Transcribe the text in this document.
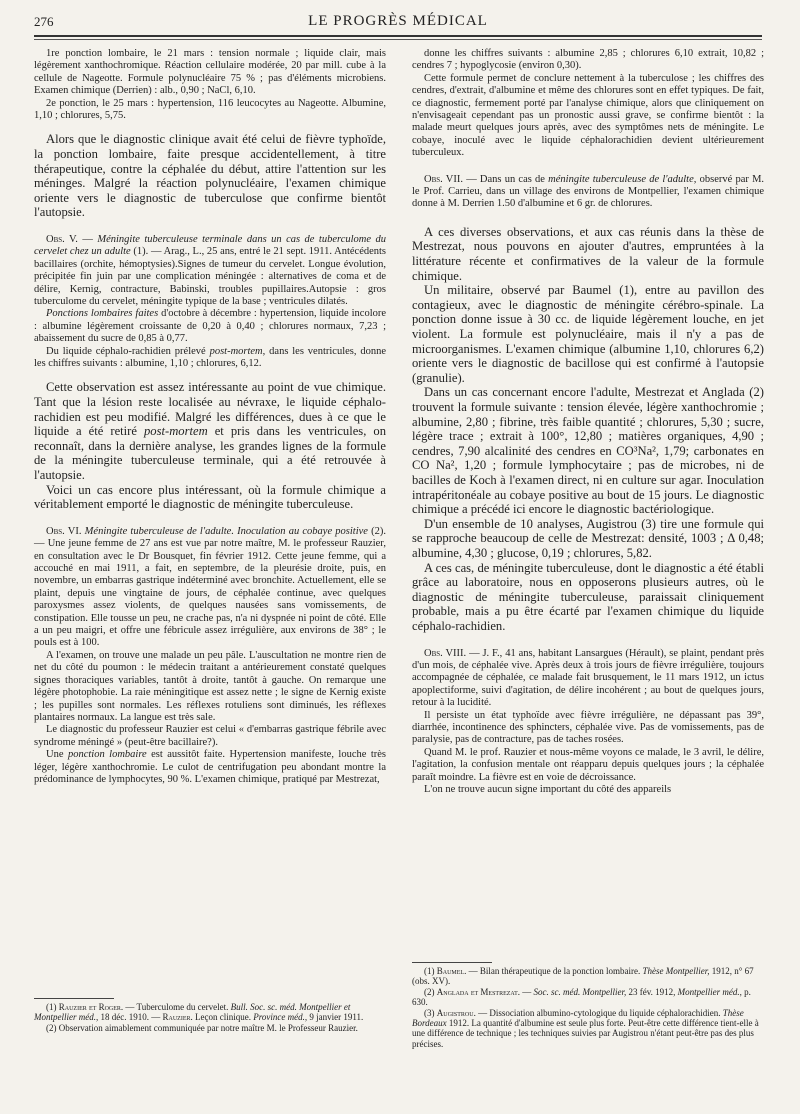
276	LE PROGRÈS MÉDICAL

1re ponction lombaire, le 21 mars : tension normale ; liquide clair, mais légèrement xanthochromique. Réaction cellulaire modérée, 20 par mill. cube à la cellule de Nageotte. Formule polynucléaire 75 % ; pas d'éléments microbiens. Examen chimique (Derrien) : alb., 0,90 ; NaCl, 6,10.

2e ponction, le 25 mars : hypertension, 116 leucocytes au Nageotte. Albumine, 1,10 ; chlorures, 5,75.

Alors que le diagnostic clinique avait été celui de fièvre typhoïde, la ponction lombaire, faite presque accidentellement, à titre thérapeutique, contre la céphalée du début, attire l'attention sur les méninges. Malgré la réaction polynucléaire, l'examen chimique oriente vers le diagnostic de tuberculose que confirme bientôt l'autopsie.

Obs. V. — Méningite tuberculeuse terminale dans un cas de tuberculome du cervelet chez un adulte (1). — Arag., L., 25 ans, entré le 21 sept. 1911. Antécédents bacillaires (orchite, hémoptysies).Signes de tumeur du cervelet. Longue évolution, précipitée fin juin par une complication méningée : alternatives de coma et de délire, Kernig, contracture, Babinski, troubles pupillaires.Autopsie : gros tuberculome du cervelet, méningite typique de la base ; ventricules dilatés.

Ponctions lombaires faites d'octobre à décembre : hypertension, liquide incolore : albumine légèrement croissante de 0,20 à 0,40 ; chlorures normaux, 7,23 ; abaissement du sucre de 0,85 à 0,77.

Du liquide céphalo-rachidien prélevé post-mortem, dans les ventricules, donne les chiffres suivants : albumine, 1,10 ; chlorures, 6,12.

Cette observation est assez intéressante au point de vue chimique. Tant que la lésion reste localisée au névraxe, le liquide céphalo-rachidien est peu modifié. Malgré les différences, dues à ce que le liquide a été retiré post-mortem et pris dans les ventricules, on reconnaît, dans la dernière analyse, les grandes lignes de la formule de la méningite tuberculeuse terminale, qui a été retrouvée à l'autopsie.

Voici un cas encore plus intéressant, où la formule chimique a véritablement emporté le diagnostic de méningite tuberculeuse.

Obs. VI. Méningite tuberculeuse de l'adulte. Inoculation au cobaye positive (2). — Une jeune femme de 27 ans est vue par notre maître, M. le professeur Rauzier, en consultation avec le Dr Bousquet, fin février 1912. Cette jeune femme, qui a accouché en mai 1911, a fait, en septembre, de la pleurésie droite, puis, en novembre, un embarras gastrique indéterminé avec bronchite. Actuellement, elle se plaint, depuis une vingtaine de jours, de céphalée continue, avec quelques paroxysmes assez violents, de quelques nausées sans vomissements, de constipation. Elle tousse un peu, ne crache pas, n'a ni dyspnée ni point de côté. Elle a un peu maigri, et offre une fébricule assez irrégulière, aux environs de 38° ; le pouls est à 100.

A l'examen, on trouve une malade un peu pâle. L'auscultation ne montre rien de net du côté du poumon : le médecin traitant a antérieurement constaté quelques signes thoraciques variables, tantôt à droite, tantôt à gauche. On remarque une légère photophobie. La raie méningitique est assez nette ; le signe de Kernig existe ; les pupilles sont normales. Les réflexes rotuliens sont diminués, les réflexes plantaires normaux. La langue est très sale.

Le diagnostic du professeur Rauzier est celui « d'embarras gastrique fébrile avec syndrome méningé » (peut-être bacillaire?).

Une ponction lombaire est aussitôt faite. Hypertension manifeste, louche très léger, légère xanthochromie. Le culot de centrifugation peu abondant montre la prédominance de lymphocytes, 90 %. L'examen chimique, pratiqué par Mestrezat,

(1) Rauzier et Roger. — Tuberculome du cervelet. Bull. Soc. sc. méd. Montpellier et Montpellier méd., 18 déc. 1910. — Rauzier. Leçon clinique. Province méd., 9 janvier 1911.

(2) Observation aimablement communiquée par notre maître M. le Professeur Rauzier.

donne les chiffres suivants : albumine 2,85 ; chlorures 6,10 extrait, 10,82 ; cendres 7 ; hypoglycosie (environ 0,30).

Cette formule permet de conclure nettement à la tuberculose ; les chiffres des cendres, d'extrait, d'albumine et même des chlorures sont en effet typiques. De fait, ce diagnostic, fermement porté par l'analyse chimique, alors que cliniquement on n'envisageait cependant pas un pronostic aussi grave, se confirme bientôt : la malade meurt quelques jours après, avec des symptômes nets de méningite. Le cobaye, inoculé avec le liquide céphalorachidien devient ultérieurement tuberculeux.

Obs. VII. — Dans un cas de méningite tuberculeuse de l'adulte, observé par M. le Prof. Carrieu, dans un village des environs de Montpellier, l'examen chimique donne à M. Derrien 1.50 d'albumine et 6 gr. de chlorures.

A ces diverses observations, et aux cas réunis dans la thèse de Mestrezat, nous pouvons en ajouter d'autres, empruntées à la littérature récente et confirmatives de la valeur de la formule chimique.

Un militaire, observé par Baumel (1), entre au pavillon des contagieux, avec le diagnostic de méningite cérébro-spinale. La ponction donne issue à 30 cc. de liquide légèrement louche, en jet violent. La formule est polynucléaire, mais il n'y a pas de microorganismes. L'examen chimique (albumine 1,10, chlorures 6,2) oriente vers le diagnostic de bacillose qui est confirmé à l'autopsie (granulie).

Dans un cas concernant encore l'adulte, Mestrezat et Anglada (2) trouvent la formule suivante : tension élevée, légère xanthochromie ; albumine, 2,80 ; fibrine, très faible quantité ; chlorures, 5,30 ; sucre, légère trace ; extrait à 100°, 12,80 ; matières organiques, 4,90 ; cendres, 7,90 alcalinité des cendres en CO³Na², 1,79; carbonates en CO Na², 1,20 ; formule lymphocytaire ; pas de microbes, ni de bacilles de Koch à l'examen direct, ni en culture sur agar. Inoculation intrapéritonéale au cobaye positive au bout de 15 jours. Le diagnostic chimique a précédé ici encore le diagnostic bactériologique.

D'un ensemble de 10 analyses, Augistrou (3) tire une formule qui se rapproche beaucoup de celle de Mestrezat: densité, 1003 ; Δ 0,48; albumine, 4,30 ; glucose, 0,19 ; chlorures, 5,82.

A ces cas, de méningite tuberculeuse, dont le diagnostic a été établi grâce au laboratoire, nous en opposerons plusieurs autres, où le diagnostic de méningite tuberculeuse, paraissait cliniquement probable, mais a pu être écarté par l'examen chimique du liquide céphalo-rachidien.

Obs. VIII. — J. F., 41 ans, habitant Lansargues (Hérault), se plaint, pendant près d'un mois, de céphalée vive. Après deux à trois jours de fièvre irrégulière, toujours accompagnée de céphalée, ce malade fait brusquement, le 11 mars 1912, un ictus apoplectiforme, suivi d'agitation, de délire incohérent ; au bout de quelques jours, retour à la lucidité.

Il persiste un état typhoïde avec fièvre irrégulière, ne dépassant pas 39°, diarrhée, incontinence des sphincters, céphalée vive. Pas de vomissements, pas de paralysie, pas de contracture, pas de taches rosées.

Quand M. le prof. Rauzier et nous-même voyons ce malade, le 3 avril, le délire, l'agitation, la confusion mentale ont réapparu depuis quelques jours ; la céphalée paraît moindre. La fièvre est en voie de décroissance.

L'on ne trouve aucun signe important du côté des appareils

(1) Baumel. — Bilan thérapeutique de la ponction lombaire. Thèse Montpellier, 1912, n° 67 (obs. XV).

(2) Anglada et Mestrezat. — Soc. sc. méd. Montpellier, 23 fév. 1912, Montpellier méd., p. 630.

(3) Augistrou. — Dissociation albumino-cytologique du liquide céphalorachidien. Thèse Bordeaux 1912. La quantité d'albumine est seule plus forte. Peut-être cette différence tient-elle à une différence de technique ; les techniques suivies par Augistrou n'étant peut-être pas des plus précises.
